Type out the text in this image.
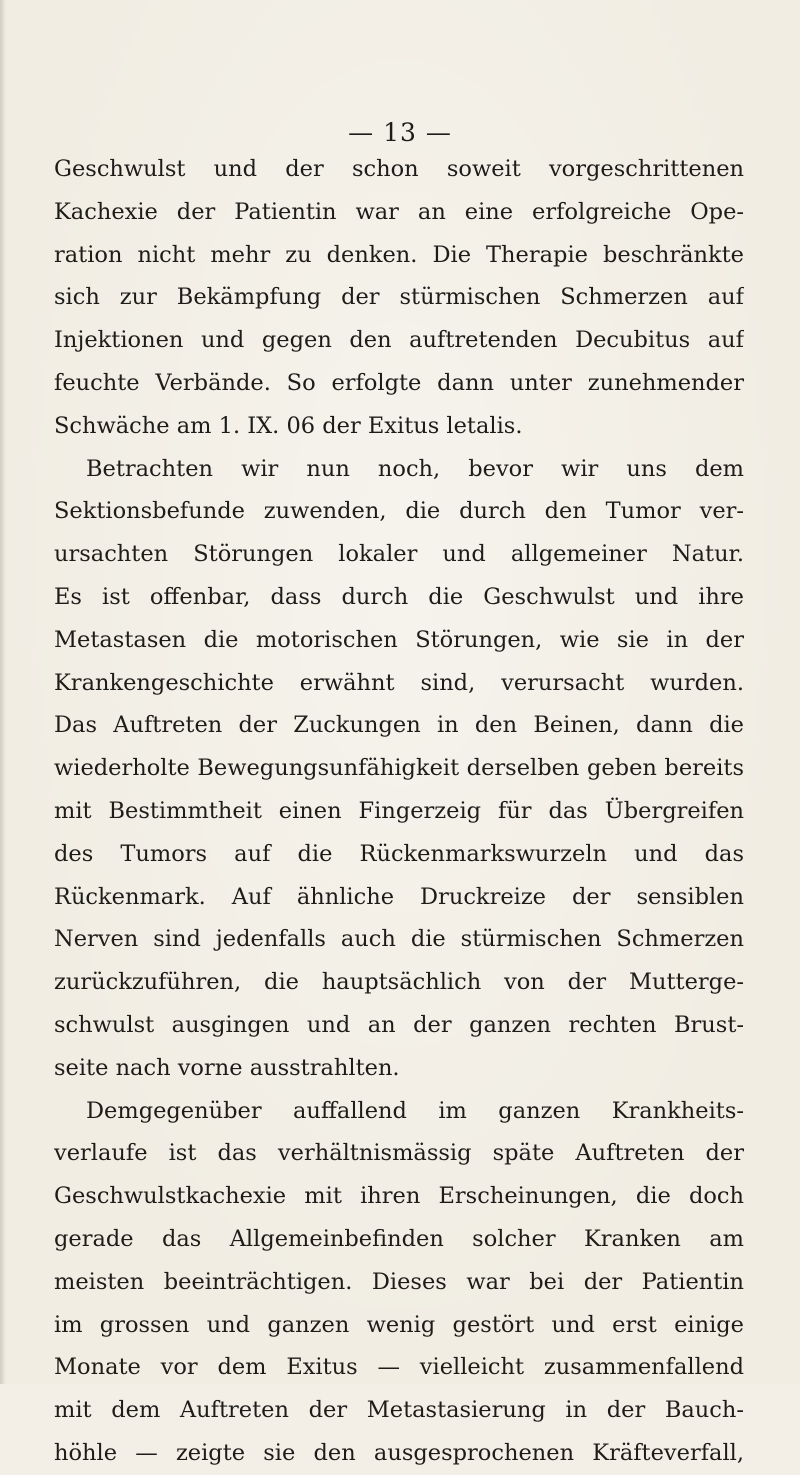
— 13 —
Geschwulst und der schon soweit vorgeschrittenen
Kachexie der Patientin war an eine erfolgreiche Ope-
ration nicht mehr zu denken. Die Therapie beschränkte
sich zur Bekämpfung der stürmischen Schmerzen auf
Injektionen und gegen den auftretenden Decubitus auf
feuchte Verbände. So erfolgte dann unter zunehmender
Schwäche am 1. IX. 06 der Exitus letalis.
Betrachten wir nun noch, bevor wir uns dem
Sektionsbefunde zuwenden, die durch den Tumor ver-
ursachten Störungen lokaler und allgemeiner Natur.
Es ist offenbar, dass durch die Geschwulst und ihre
Metastasen die motorischen Störungen, wie sie in der
Krankengeschichte erwähnt sind, verursacht wurden.
Das Auftreten der Zuckungen in den Beinen, dann die
wiederholte Bewegungsunfähigkeit derselben geben bereits
mit Bestimmtheit einen Fingerzeig für das Übergreifen
des Tumors auf die Rückenmarkswurzeln und das
Rückenmark. Auf ähnliche Druckreize der sensiblen
Nerven sind jedenfalls auch die stürmischen Schmerzen
zurückzuführen, die hauptsächlich von der Mutterge-
schwulst ausgingen und an der ganzen rechten Brust-
seite nach vorne ausstrahlten.
Demgegenüber auffallend im ganzen Krankheits-
verlaufe ist das verhältnismässig späte Auftreten der
Geschwulstkachexie mit ihren Erscheinungen, die doch
gerade das Allgemeinbefinden solcher Kranken am
meisten beeinträchtigen. Dieses war bei der Patientin
im grossen und ganzen wenig gestört und erst einige
Monate vor dem Exitus — vielleicht zusammenfallend
mit dem Auftreten der Metastasierung in der Bauch-
höhle — zeigte sie den ausgesprochenen Kräfteverfall,
